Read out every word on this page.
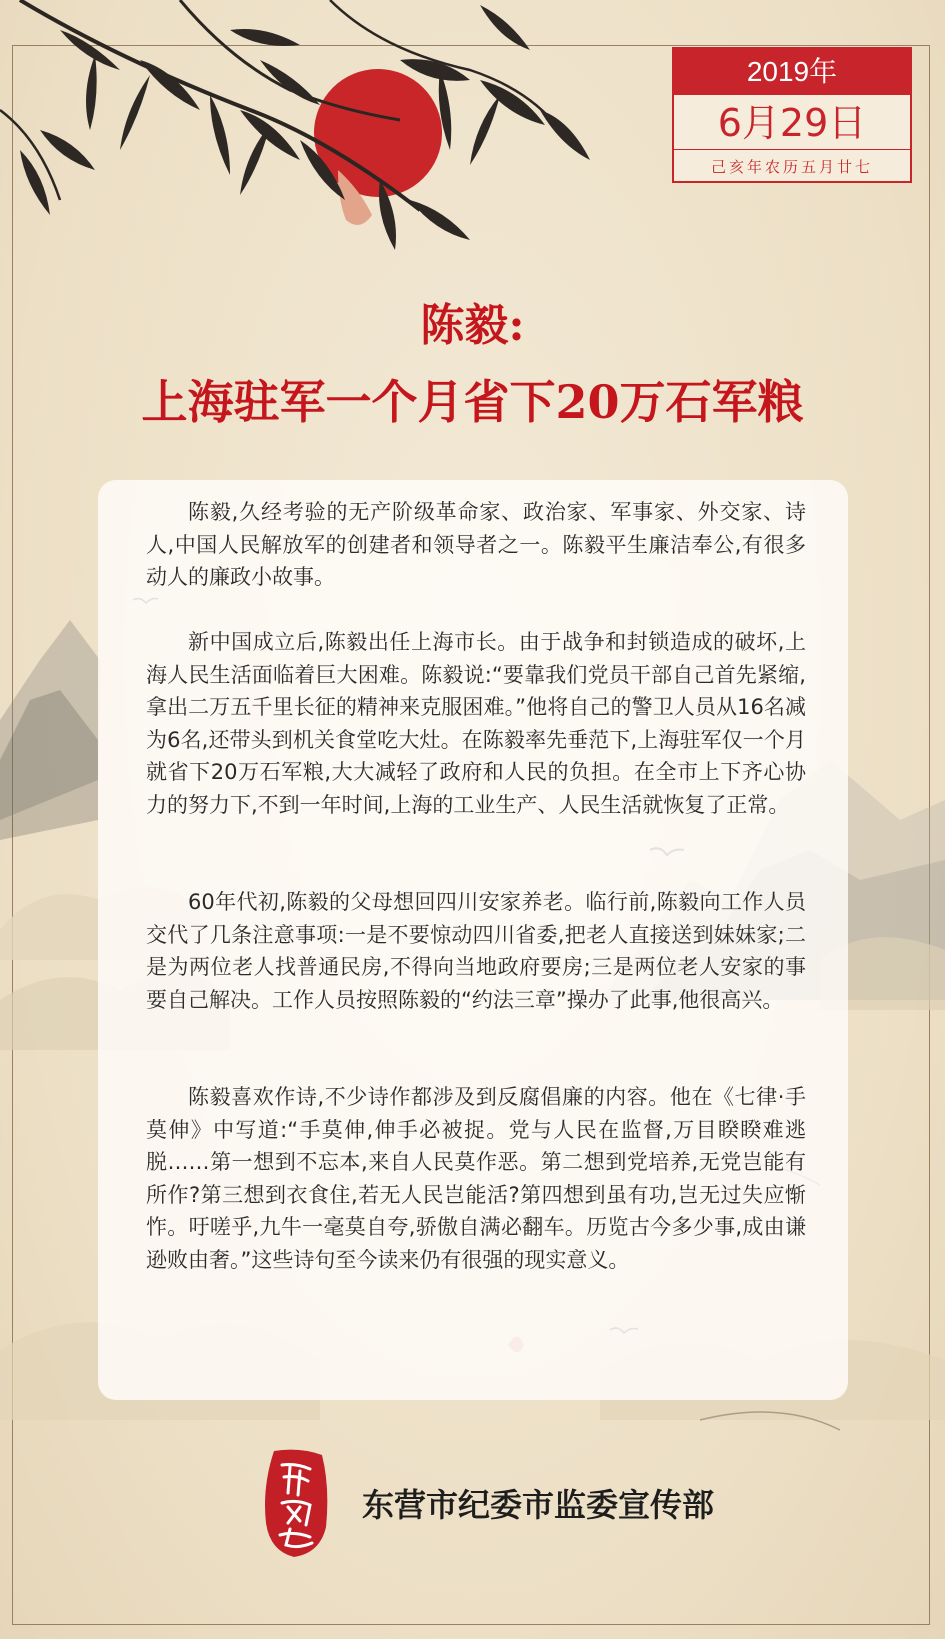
2019年
6月29日
己亥年农历五月廿七
陈毅:
上海驻军一个月省下20万石军粮

陈毅,久经考验的无产阶级革命家、政治家、军事家、外交家、诗人,中国人民解放军的创建者和领导者之一。陈毅平生廉洁奉公,有很多动人的廉政小故事。

新中国成立后,陈毅出任上海市长。由于战争和封锁造成的破坏,上海人民生活面临着巨大困难。陈毅说:“要靠我们党员干部自己首先紧缩,拿出二万五千里长征的精神来克服困难。”他将自己的警卫人员从16名减为6名,还带头到机关食堂吃大灶。在陈毅率先垂范下,上海驻军仅一个月就省下20万石军粮,大大减轻了政府和人民的负担。在全市上下齐心协力的努力下,不到一年时间,上海的工业生产、人民生活就恢复了正常。

60年代初,陈毅的父母想回四川安家养老。临行前,陈毅向工作人员交代了几条注意事项:一是不要惊动四川省委,把老人直接送到妹妹家;二是为两位老人找普通民房,不得向当地政府要房;三是两位老人安家的事要自己解决。工作人员按照陈毅的“约法三章”操办了此事,他很高兴。

陈毅喜欢作诗,不少诗作都涉及到反腐倡廉的内容。他在《七律·手莫伸》中写道:“手莫伸,伸手必被捉。党与人民在监督,万目睽睽难逃脱……第一想到不忘本,来自人民莫作恶。第二想到党培养,无党岂能有所作?第三想到衣食住,若无人民岂能活?第四想到虽有功,岂无过失应惭怍。吁嗟乎,九牛一毫莫自夸,骄傲自满必翻车。历览古今多少事,成由谦逊败由奢。”这些诗句至今读来仍有很强的现实意义。

东营市纪委市监委宣传部
